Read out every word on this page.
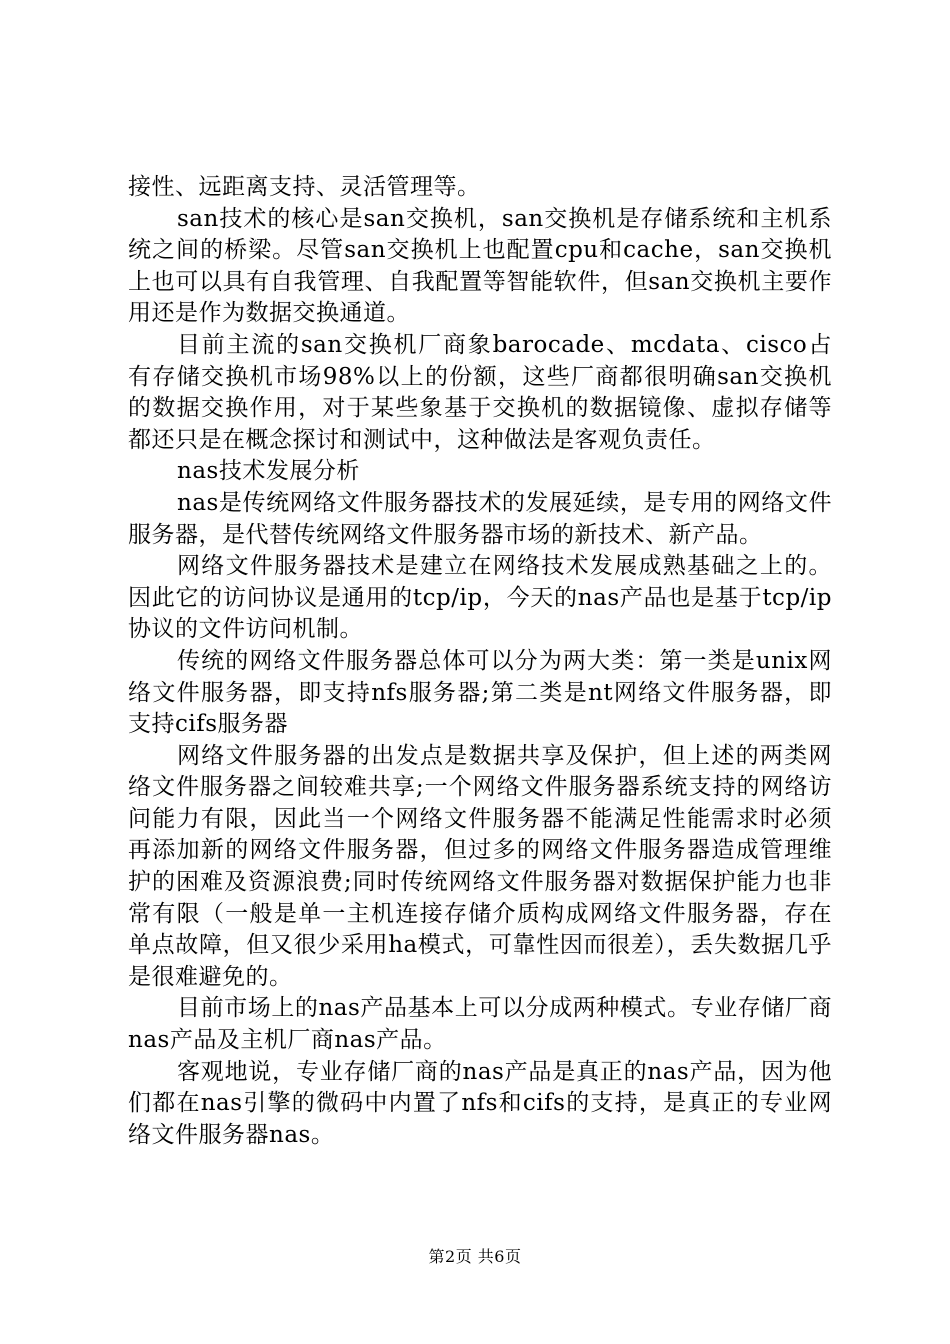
接性、远距离支持、灵活管理等。

san技术的核心是san交换机，san交换机是存储系统和主机系统之间的桥梁。尽管san交换机上也配置cpu和cache，san交换机上也可以具有自我管理、自我配置等智能软件，但san交换机主要作用还是作为数据交换通道。

目前主流的san交换机厂商象barocade、mcdata、cisco占有存储交换机市场98%以上的份额，这些厂商都很明确san交换机的数据交换作用，对于某些象基于交换机的数据镜像、虚拟存储等都还只是在概念探讨和测试中，这种做法是客观负责任。

nas技术发展分析

nas是传统网络文件服务器技术的发展延续，是专用的网络文件服务器，是代替传统网络文件服务器市场的新技术、新产品。

网络文件服务器技术是建立在网络技术发展成熟基础之上的。因此它的访问协议是通用的tcp/ip，今天的nas产品也是基于tcp/ip协议的文件访问机制。

传统的网络文件服务器总体可以分为两大类：第一类是unix网络文件服务器，即支持nfs服务器;第二类是nt网络文件服务器，即支持cifs服务器

网络文件服务器的出发点是数据共享及保护，但上述的两类网络文件服务器之间较难共享;一个网络文件服务器系统支持的网络访问能力有限，因此当一个网络文件服务器不能满足性能需求时必须再添加新的网络文件服务器，但过多的网络文件服务器造成管理维护的困难及资源浪费;同时传统网络文件服务器对数据保护能力也非常有限（一般是单一主机连接存储介质构成网络文件服务器，存在单点故障，但又很少采用ha模式，可靠性因而很差），丢失数据几乎是很难避免的。

目前市场上的nas产品基本上可以分成两种模式。专业存储厂商nas产品及主机厂商nas产品。

客观地说，专业存储厂商的nas产品是真正的nas产品，因为他们都在nas引擎的微码中内置了nfs和cifs的支持，是真正的专业网络文件服务器nas。

第2页 共6页
